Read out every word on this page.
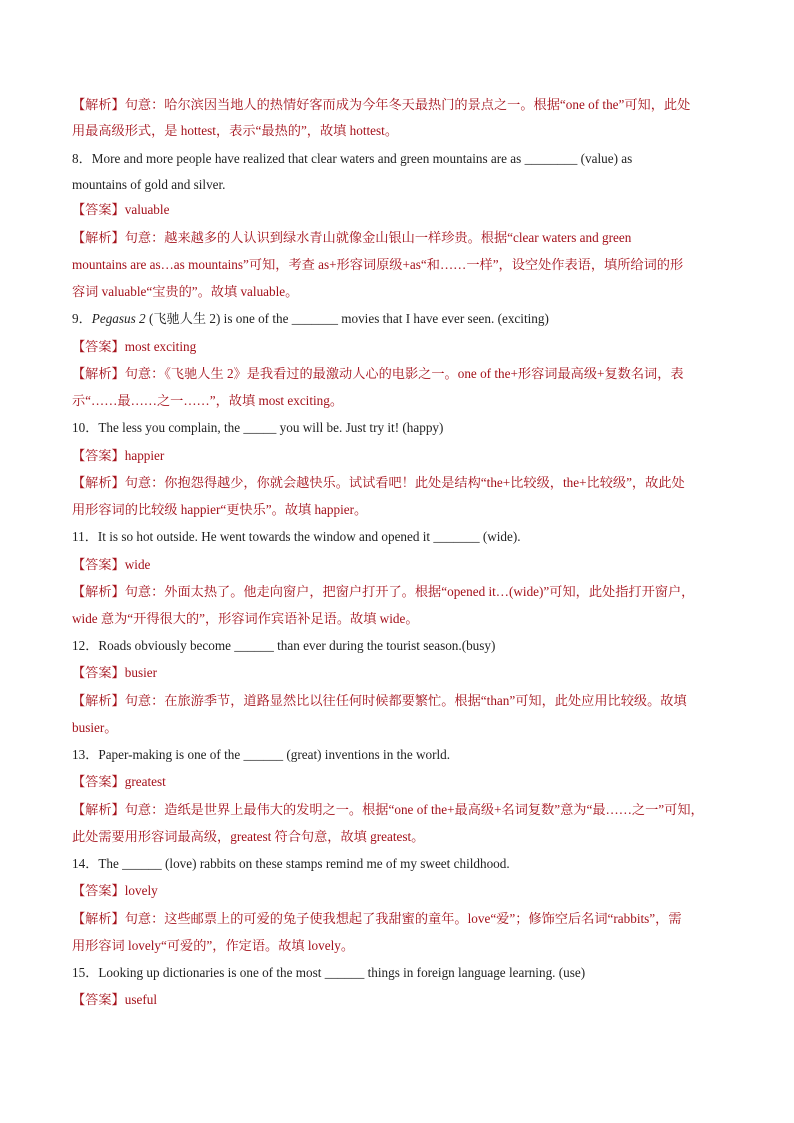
【解析】句意：哈尔滨因当地人的热情好客而成为今年冬天最热门的景点之一。根据“one of the”可知，此处
用最高级形式，是 hottest，表示“最热的”，故填 hottest。
8．More and more people have realized that clear waters and green mountains are as ________ (value) as
mountains of gold and silver.
【答案】valuable
【解析】句意：越来越多的人认识到绿水青山就像金山银山一样珍贵。根据“clear waters and green
mountains are as…as mountains”可知，考查 as+形容词原级+as“和……一样”，设空处作表语，填所给词的形
容词 valuable“宝贵的”。故填 valuable。
9．Pegasus 2 (飞驰人生 2) is one of the _______ movies that I have ever seen. (exciting)
【答案】most exciting
【解析】句意：《飞驰人生 2》是我看过的最激动人心的电影之一。one of the+形容词最高级+复数名词，表
示“……最……之一……”，故填 most exciting。
10．The less you complain, the _____ you will be. Just try it! (happy)
【答案】happier
【解析】句意：你抱怨得越少，你就会越快乐。试试看吧！此处是结构“the+比较级，the+比较级”，故此处
用形容词的比较级 happier“更快乐”。故填 happier。
11．It is so hot outside. He went towards the window and opened it _______ (wide).
【答案】wide
【解析】句意：外面太热了。他走向窗户，把窗户打开了。根据“opened it…(wide)”可知，此处指打开窗户，
wide 意为“开得很大的”，形容词作宾语补足语。故填 wide。
12．Roads obviously become ______ than ever during the tourist season.(busy)
【答案】busier
【解析】句意：在旅游季节，道路显然比以往任何时候都要繁忙。根据“than”可知，此处应用比较级。故填
busier。
13．Paper-making is one of the ______ (great) inventions in the world.
【答案】greatest
【解析】句意：造纸是世界上最伟大的发明之一。根据“one of the+最高级+名词复数”意为“最……之一”可知，
此处需要用形容词最高级，greatest 符合句意，故填 greatest。
14．The ______ (love) rabbits on these stamps remind me of my sweet childhood.
【答案】lovely
【解析】句意：这些邮票上的可爱的兔子使我想起了我甜蜜的童年。love“爱”；修饰空后名词“rabbits”，需
用形容词 lovely“可爱的”，作定语。故填 lovely。
15．Looking up dictionaries is one of the most ______ things in foreign language learning. (use)
【答案】useful
